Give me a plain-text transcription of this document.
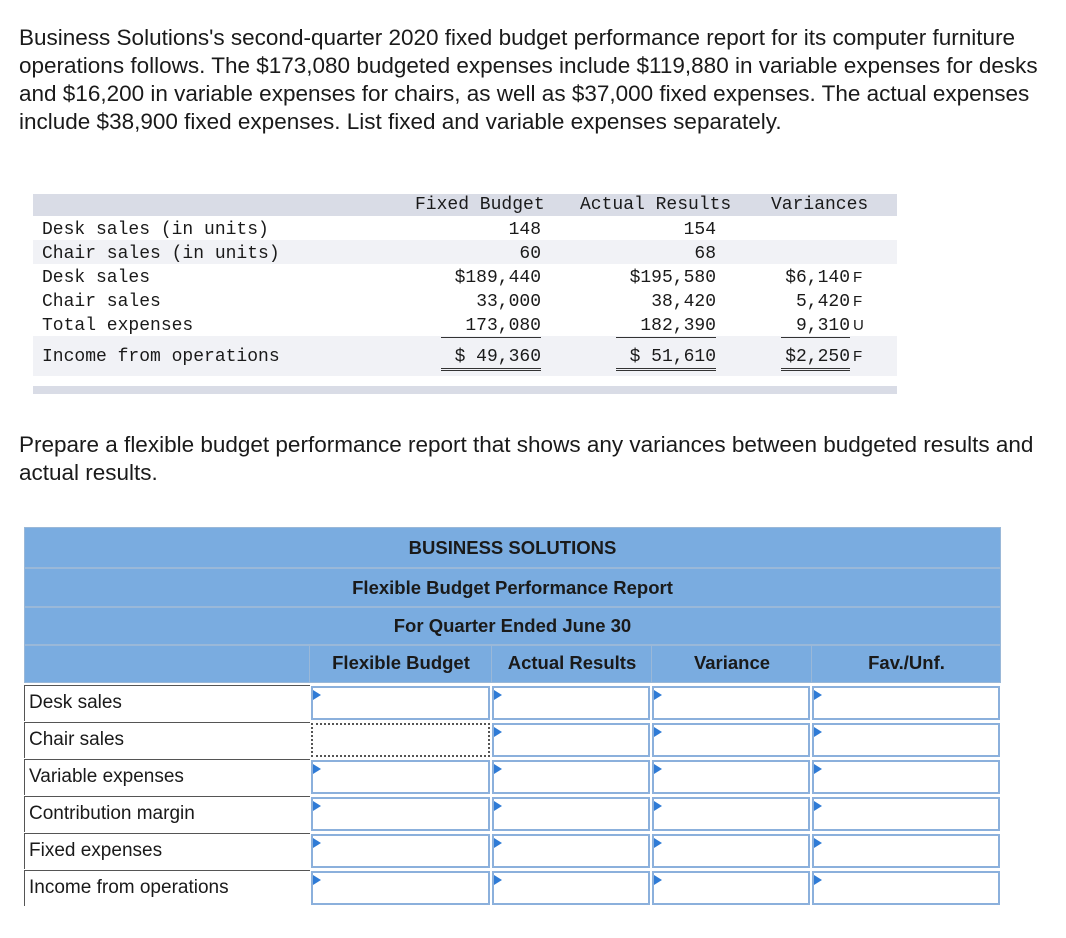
Business Solutions's second-quarter 2020 fixed budget performance report for its computer furniture operations follows. The $173,080 budgeted expenses include $119,880 in variable expenses for desks and $16,200 in variable expenses for chairs, as well as $37,000 fixed expenses. The actual expenses include $38,900 fixed expenses. List fixed and variable expenses separately.

Fixed Budget Actual Results Variances
Desk sales (in units)	148	154
Chair sales (in units)	60	68
Desk sales	$189,440	$195,580	$6,140 F
Chair sales	33,000	38,420	5,420 F
Total expenses	173,080	182,390	9,310 U
Income from operations	$ 49,360	$ 51,610	$2,250 F

Prepare a flexible budget performance report that shows any variances between budgeted results and actual results.

BUSINESS SOLUTIONS
Flexible Budget Performance Report
For Quarter Ended June 30
Flexible Budget	Actual Results	Variance	Fav./Unf.
Desk sales
Chair sales
Variable expenses
Contribution margin
Fixed expenses
Income from operations
